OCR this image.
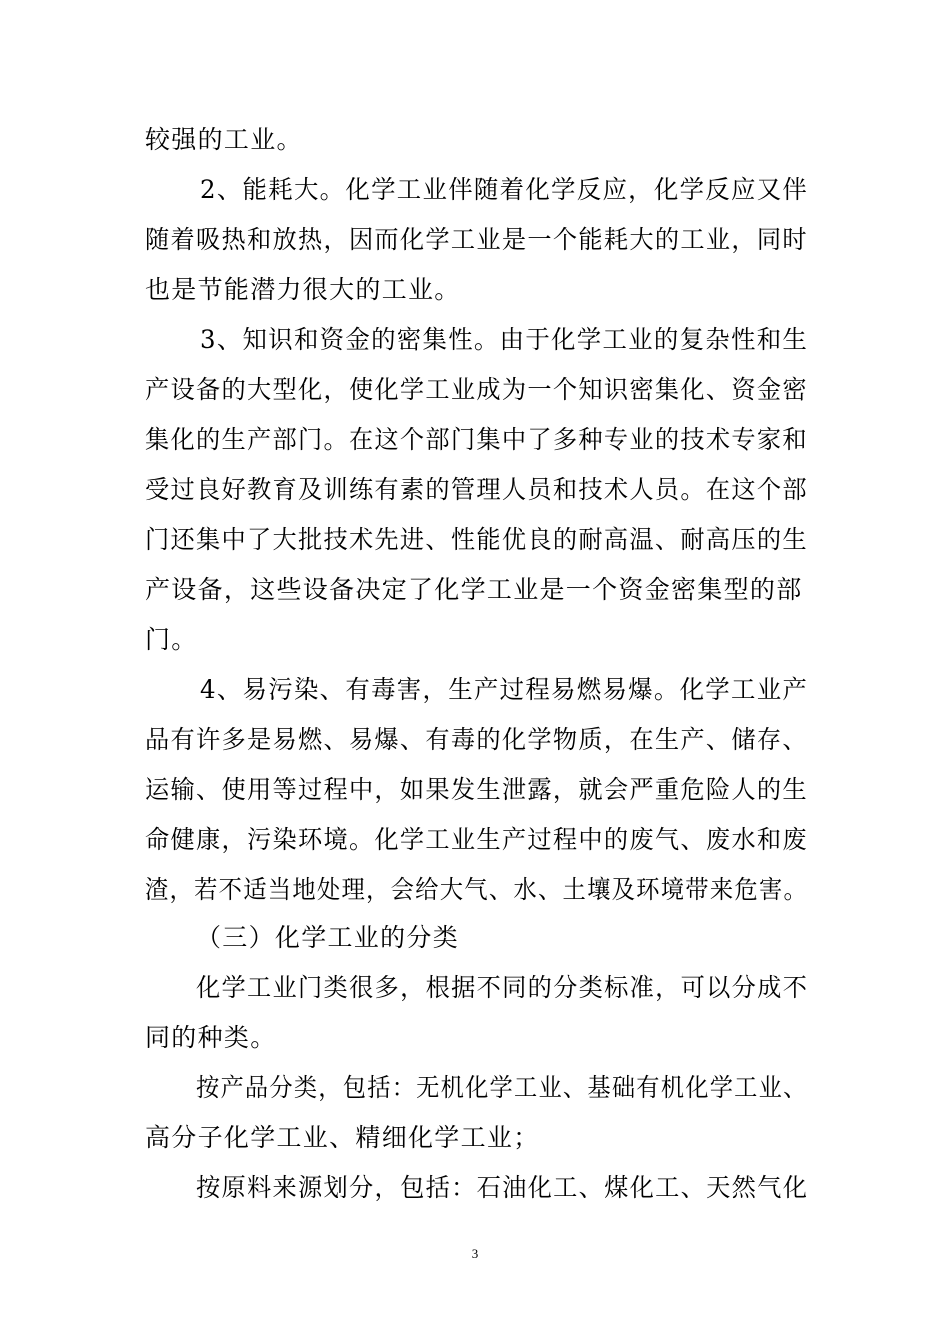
较强的工业。
2、能耗大。化学工业伴随着化学反应，化学反应又伴
随着吸热和放热，因而化学工业是一个能耗大的工业，同时
也是节能潜力很大的工业。
3、知识和资金的密集性。由于化学工业的复杂性和生
产设备的大型化，使化学工业成为一个知识密集化、资金密
集化的生产部门。在这个部门集中了多种专业的技术专家和
受过良好教育及训练有素的管理人员和技术人员。在这个部
门还集中了大批技术先进、性能优良的耐高温、耐高压的生
产设备，这些设备决定了化学工业是一个资金密集型的部
门。
4、易污染、有毒害，生产过程易燃易爆。化学工业产
品有许多是易燃、易爆、有毒的化学物质，在生产、储存、
运输、使用等过程中，如果发生泄露，就会严重危险人的生
命健康，污染环境。化学工业生产过程中的废气、废水和废
渣，若不适当地处理，会给大气、水、土壤及环境带来危害。
（三）化学工业的分类
化学工业门类很多，根据不同的分类标准，可以分成不
同的种类。
按产品分类，包括：无机化学工业、基础有机化学工业、
高分子化学工业、精细化学工业；
按原料来源划分，包括：石油化工、煤化工、天然气化
3
